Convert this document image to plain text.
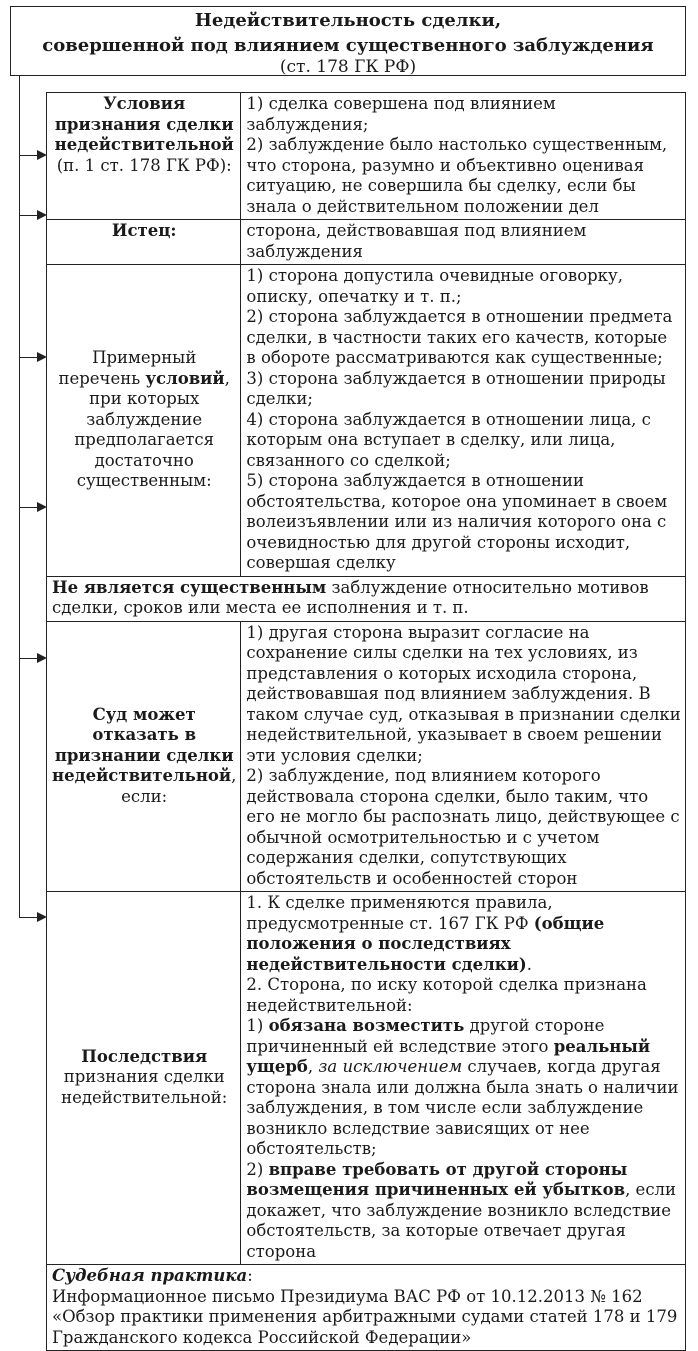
Недействительность сделки,
совершенной под влиянием существенного заблуждения
(ст. 178 ГК РФ)
Условия признания сделки недействительной (п. 1 ст. 178 ГК РФ):	1) сделка совершена под влиянием заблуждения;
2) заблуждение было настолько существенным, что сторона, разумно и объективно оценивая ситуацию, не совершила бы сделку, если бы знала о действительном положении дел

Истец:	сторона, действовавшая под влиянием заблуждения
Примерный перечень условий, при которых заблуждение предполагается достаточно существенным:	1) сторона допустила очевидные оговорку, описку, опечатку и т. п.;
2) сторона заблуждается в отношении предмета сделки, в частности таких его качеств, которые в обороте рассматриваются как существенные;
3) сторона заблуждается в отношении природы сделки;
4) сторона заблуждается в отношении лица, с которым она вступает в сделку, или лица, связанного со сделкой;
5) сторона заблуждается в отношении обстоятельства, которое она упоминает в своем волеизъявлении или из наличия которого она с очевидностью для другой стороны исходит, совершая сделку

Не является существенным заблуждение относительно мотивов сделки, сроков или места ее исполнения и т. п.	
Суд может отказать в признании сделки недействительной, если:	1) другая сторона выразит согласие на сохранение силы сделки на тех условиях, из представления о которых исходила сторона, действовавшая под влиянием заблуждения. В таком случае суд, отказывая в признании сделки недействительной, указывает в своем решении эти условия сделки;
2) заблуждение, под влиянием которого действовала сторона сделки, было таким, что его не могло бы распознать лицо, действующее с обычной осмотрительностью и с учетом содержания сделки, сопутствующих обстоятельств и особенностей сторон

Последствия признания сделки недействительной:	1. К сделке применяются правила, предусмотренные ст. 167 ГК РФ (общие положения о последствиях недействительности сделки).
2. Сторона, по иску которой сделка признана недействительной:
1) обязана возместить другой стороне причиненный ей вследствие этого реальный ущерб, за исключением случаев, когда другая сторона знала или должна была знать о наличии заблуждения, в том числе если заблуждение возникло вследствие зависящих от нее обстоятельств;
2) вправе требовать от другой стороны возмещения причиненных ей убытков, если докажет, что заблуждение возникло вследствие обстоятельств, за которые отвечает другая сторона

Судебная практика:
Информационное письмо Президиума ВАС РФ от 10.12.2013 № 162
«Обзор практики применения арбитражными судами статей 178 и 179 Гражданского кодекса Российской Федерации»	
